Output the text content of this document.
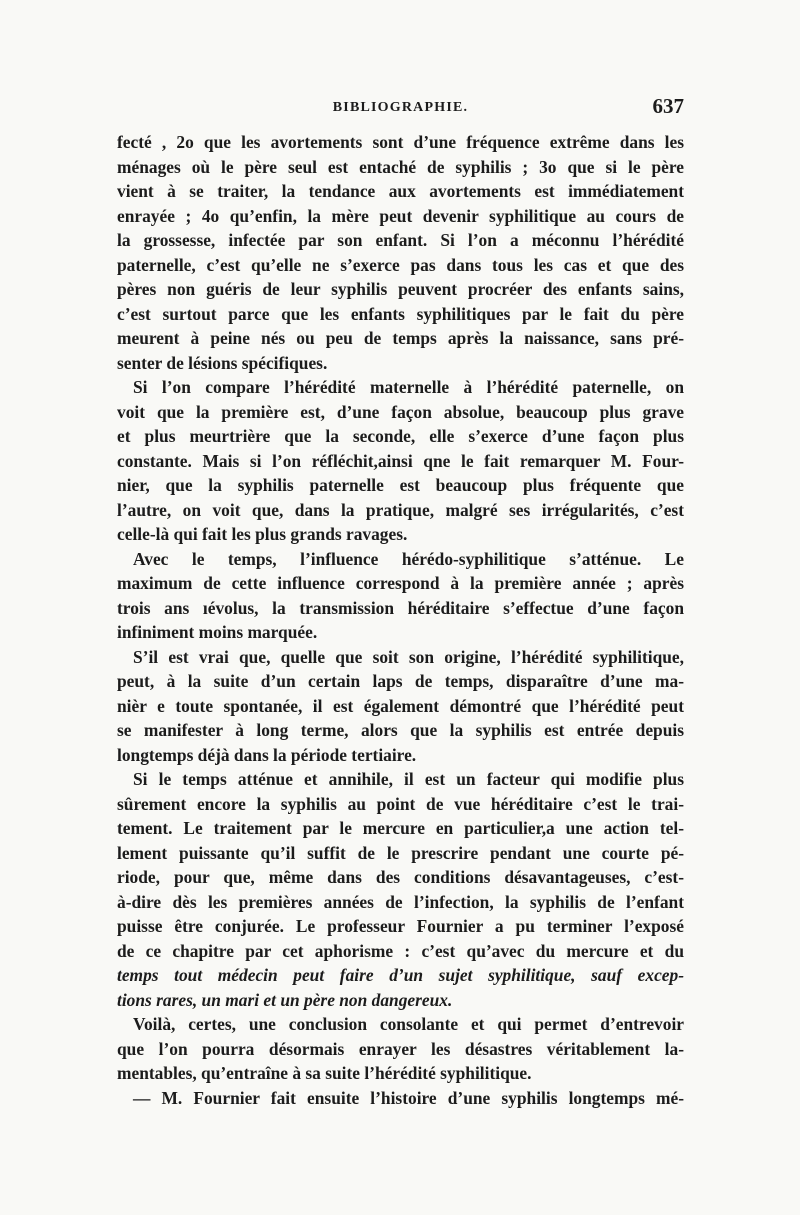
BIBLIOGRAPHIE.	637
fecté , 2o que les avortements sont d’une fréquence extrême dans les
ménages où le père seul est entaché de syphilis ; 3o que si le père
vient à se traiter, la tendance aux avortements est immédiatement
enrayée ; 4o qu’enfin, la mère peut devenir syphilitique au cours de
la grossesse, infectée par son enfant. Si l’on a méconnu l’hérédité
paternelle, c’est qu’elle ne s’exerce pas dans tous les cas et que des
pères non guéris de leur syphilis peuvent procréer des enfants sains,
c’est surtout parce que les enfants syphilitiques par le fait du père
meurent à peine nés ou peu de temps après la naissance, sans pré-
senter de lésions spécifiques.
Si l’on compare l’hérédité maternelle à l’hérédité paternelle, on
voit que la première est, d’une façon absolue, beaucoup plus grave
et plus meurtrière que la seconde, elle s’exerce d’une façon plus
constante. Mais si l’on réfléchit,ainsi qne le fait remarquer M. Four-
nier, que la syphilis paternelle est beaucoup plus fréquente que
l’autre, on voit que, dans la pratique, malgré ses irrégularités, c’est
celle-là qui fait les plus grands ravages.
Avec le temps, l’influence hérédo-syphilitique s’atténue. Le
maximum de cette influence correspond à la première année ; après
trois ans ıévolus, la transmission héréditaire s’effectue d’une façon
infiniment moins marquée.
S’il est vrai que, quelle que soit son origine, l’hérédité syphilitique,
peut, à la suite d’un certain laps de temps, disparaître d’une ma-
nièr e toute spontanée, il est également démontré que l’hérédité peut
se manifester à long terme, alors que la syphilis est entrée depuis
longtemps déjà dans la période tertiaire.
Si le temps atténue et annihile, il est un facteur qui modifie plus
sûrement encore la syphilis au point de vue héréditaire c’est le trai-
tement. Le traitement par le mercure en particulier,a une action tel-
lement puissante qu’il suffit de le prescrire pendant une courte pé-
riode, pour que, même dans des conditions désavantageuses, c’est-
à-dire dès les premières années de l’infection, la syphilis de l’enfant
puisse être conjurée. Le professeur Fournier a pu terminer l’exposé
de ce chapitre par cet aphorisme : c’est qu’avec du mercure et du
temps tout médecin peut faire d’un sujet syphilitique, sauf excep-
tions rares, un mari et un père non dangereux.
Voilà, certes, une conclusion consolante et qui permet d’entrevoir
que l’on pourra désormais enrayer les désastres véritablement la-
mentables, qu’entraîne à sa suite l’hérédité syphilitique.
— M. Fournier fait ensuite l’histoire d’une syphilis longtemps mé-
